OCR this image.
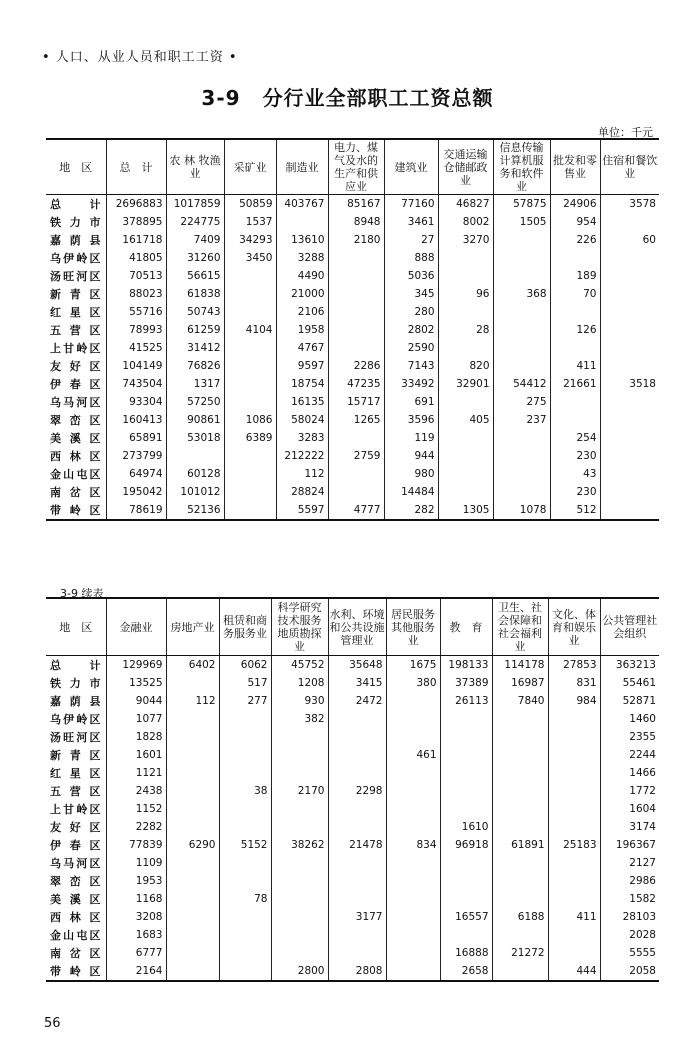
• 人口、从业人员和职工工资 •
3-9 分行业全部职工工资总额
单位：千元
地　区	总　计	农 林 牧渔业	采矿业	制造业	电力、煤气及水的生产和供应业	建筑业	交通运输仓储邮政业	信息传输计算机服务和软件业	批发和零售业	住宿和餐饮业
总计	2696883	1017859	50859	403767	85167	77160	46827	57875	24906	3578
铁力市	378895	224775	1537		8948	3461	8002	1505	954	
嘉荫县	161718	7409	34293	13610	2180	27	3270		226	60
乌伊岭区	41805	31260	3450	3288		888				
汤旺河区	70513	56615		4490		5036			189	
新青区	88023	61838		21000		345	96	368	70	
红星区	55716	50743		2106		280				
五营区	78993	61259	4104	1958		2802	28		126	
上甘岭区	41525	31412		4767		2590				
友好区	104149	76826		9597	2286	7143	820		411	
伊春区	743504	1317		18754	47235	33492	32901	54412	21661	3518
乌马河区	93304	57250		16135	15717	691		275		
翠峦区	160413	90861	1086	58024	1265	3596	405	237		
美溪区	65891	53018	6389	3283		119			254	
西林区	273799			212222	2759	944			230	
金山屯区	64974	60128		112		980			43	
南岔区	195042	101012		28824		14484			230	
带岭区	78619	52136		5597	4777	282	1305	1078	512	
3-9 续表
地　区	金融业	房地产业	租赁和商务服务业	科学研究技术服务地质勘探业	水利、环境和公共设施管理业	居民服务其他服务业	教　育	卫生、社会保障和社会福利业	文化、体育和娱乐业	公共管理社会组织
总计	129969	6402	6062	45752	35648	1675	198133	114178	27853	363213
铁力市	13525		517	1208	3415	380	37389	16987	831	55461
嘉荫县	9044	112	277	930	2472		26113	7840	984	52871
乌伊岭区	1077			382						1460
汤旺河区	1828									2355
新青区	1601					461				2244
红星区	1121									1466
五营区	2438		38	2170	2298					1772
上甘岭区	1152									1604
友好区	2282						1610			3174
伊春区	77839	6290	5152	38262	21478	834	96918	61891	25183	196367
乌马河区	1109									2127
翠峦区	1953									2986
美溪区	1168		78							1582
西林区	3208				3177		16557	6188	411	28103
金山屯区	1683									2028
南岔区	6777						16888	21272		5555
带岭区	2164			2800	2808		2658		444	2058
56
